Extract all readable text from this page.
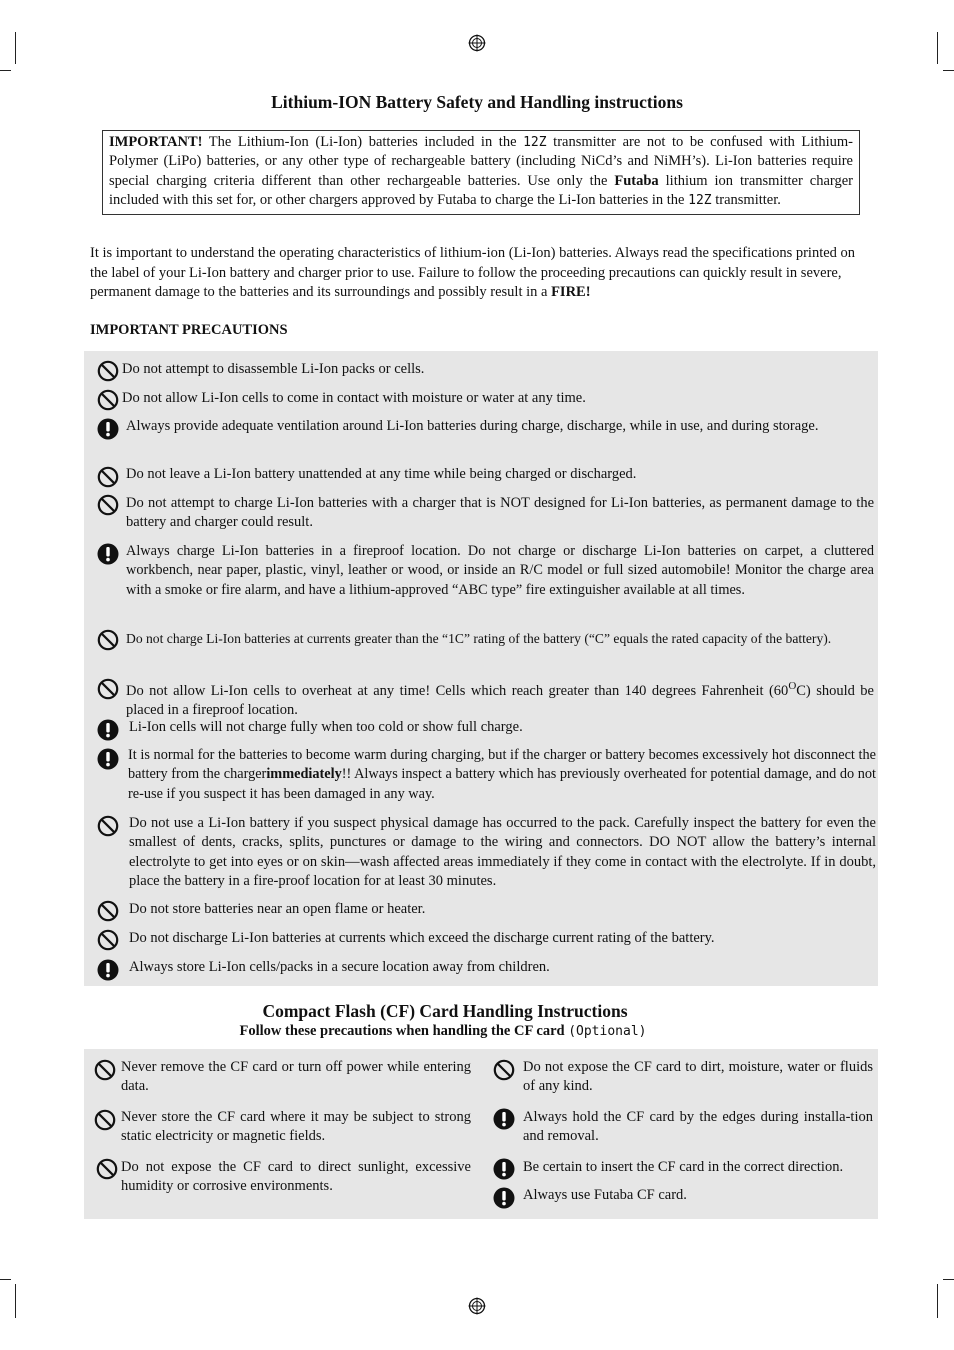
Lithium-ION Battery Safety and Handling instructions
IMPORTANT! The Lithium-Ion (Li-Ion) batteries included in the 12Z transmitter are not to be confused with Lithium-Polymer (LiPo) batteries, or any other type of rechargeable battery (including NiCd’s and NiMH’s). Li-Ion batteries require special charging criteria different than other rechargeable batteries. Use only the Futaba lithium ion transmitter charger included with this set for, or other chargers approved by Futaba to charge the Li-Ion batteries in the 12Z transmitter.
It is important to understand the operating characteristics of lithium-ion (Li-Ion) batteries. Always read the specifications printed on the label of your Li-Ion battery and charger prior to use. Failure to follow the proceeding precautions can quickly result in severe, permanent damage to the batteries and its surroundings and possibly result in a FIRE!
IMPORTANT PRECAUTIONS
Do not attempt to disassemble Li-Ion packs or cells.
Do not allow Li-Ion cells to come in contact with moisture or water at any time.
Always provide adequate ventilation around Li-Ion batteries during charge, discharge, while in use, and during storage.
Do not leave a Li-Ion battery unattended at any time while being charged or discharged.
Do not attempt to charge Li-Ion batteries with a charger that is NOT designed for Li-Ion batteries, as permanent damage to the battery and charger could result.
Always charge Li-Ion batteries in a fireproof location. Do not charge or discharge Li-Ion batteries on carpet, a cluttered workbench, near paper, plastic, vinyl, leather or wood, or inside an R/C model or full sized automobile! Monitor the charge area with a smoke or fire alarm, and have a lithium-approved “ABC type” fire extinguisher available at all times.
Do not charge Li-Ion batteries at currents greater than the “1C” rating of the battery (“C” equals the rated capacity of the battery).
Do not allow Li-Ion cells to overheat at any time! Cells which reach greater than 140 degrees Fahrenheit $(60^OC)$ should be placed in a fireproof location.
Li-Ion cells will not charge fully when too cold or show full charge.
It is normal for the batteries to become warm during charging, but if the charger or battery becomes excessively hot disconnect the battery from the chargerimmediately!! Always inspect a battery which has previously overheated for potential damage, and do not re-use if you suspect it has been damaged in any way.
Do not use a Li-Ion battery if you suspect physical damage has occurred to the pack. Carefully inspect the battery for even the smallest of dents, cracks, splits, punctures or damage to the wiring and connectors. DO NOT allow the battery’s internal electrolyte to get into eyes or on skin—wash affected areas immediately if they come in contact with the electrolyte. If in doubt, place the battery in a fire-proof location for at least 30 minutes.
Do not store batteries near an open flame or heater.
Do not discharge Li-Ion batteries at currents which exceed the discharge current rating of the battery.
Always store Li-Ion cells/packs in a secure location away from children.
Compact Flash (CF) Card Handling Instructions
Follow these precautions when handling the CF card (Optional)
Never remove the CF card or turn off power while entering data.
Never store the CF card where it may be subject to strong static electricity or magnetic fields.
Do not expose the CF card to direct sunlight, excessive humidity or corrosive environments.
Do not expose the CF card to dirt, moisture, water or fluids of any kind.
Always hold the CF card by the edges during installa-tion and removal.
Be certain to insert the CF card in the correct direction.
Always use Futaba CF card.
